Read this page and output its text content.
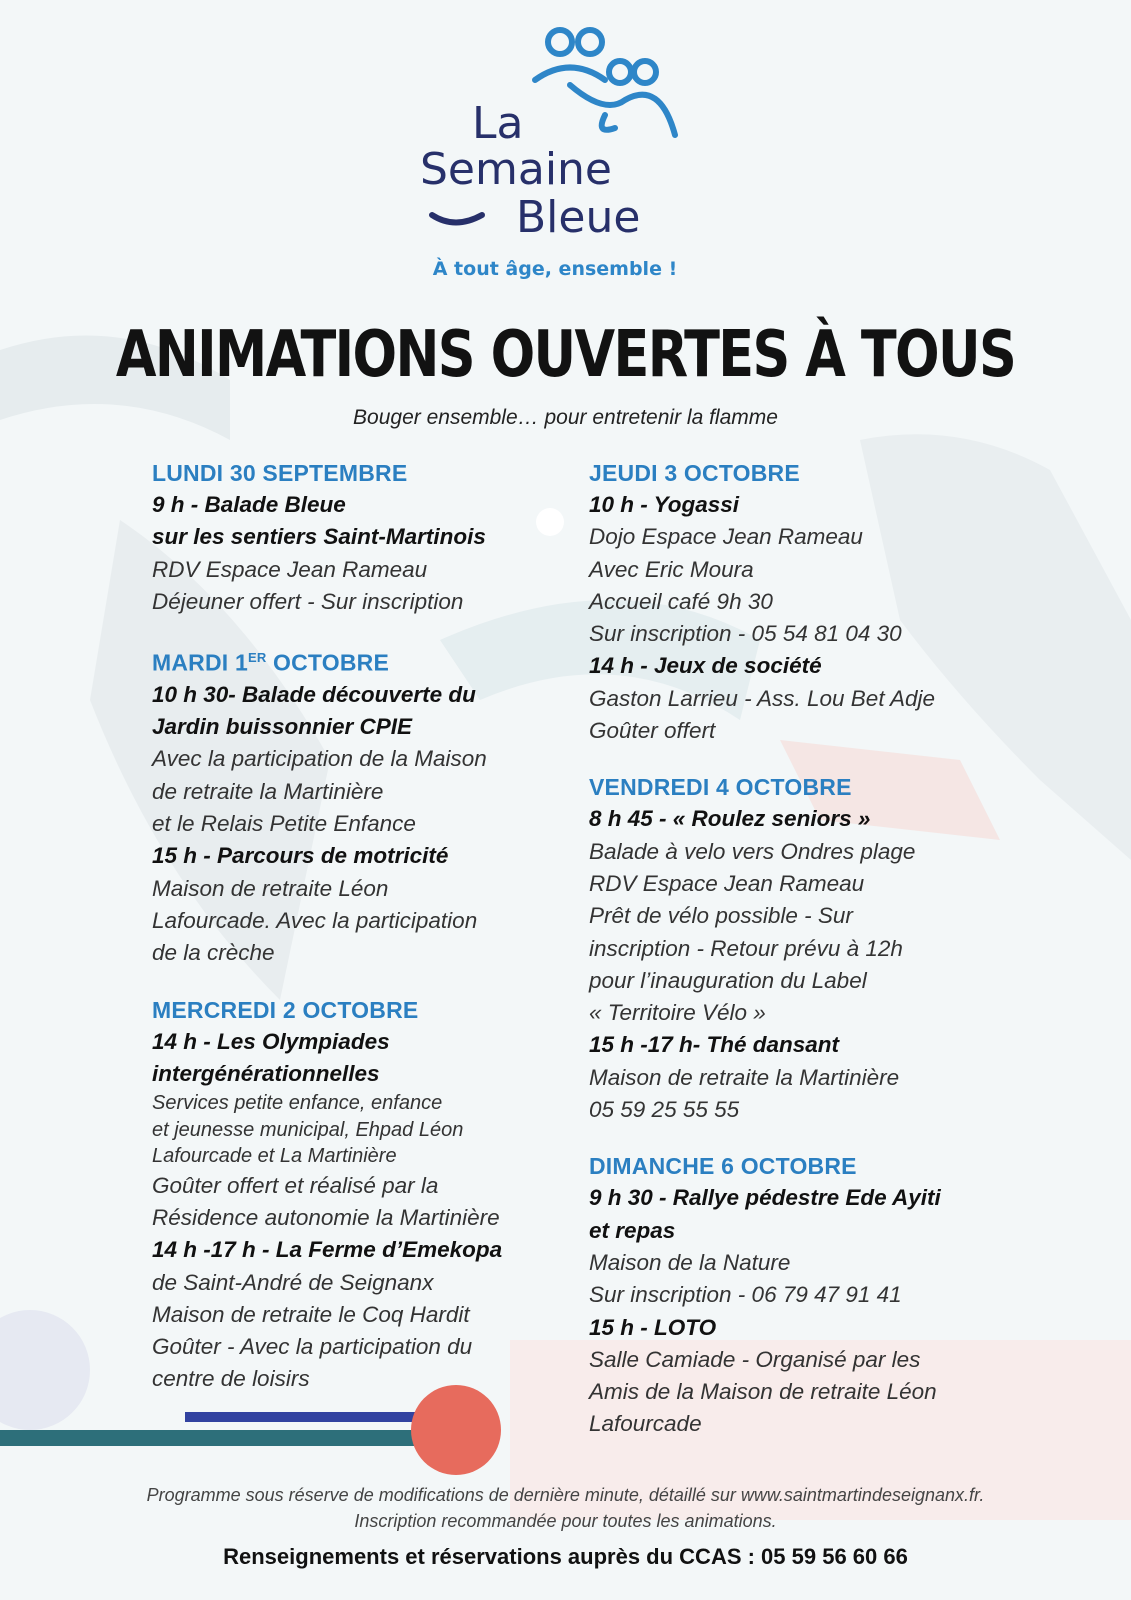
La
Semaine
Bleue
À tout âge, ensemble !
ANIMATIONS OUVERTES À TOUS
Bouger ensemble… pour entretenir la flamme
LUNDI 30 SEPTEMBRE
9 h - Balade Bleue
sur les sentiers Saint-Martinois
RDV Espace Jean Rameau
Déjeuner offert - Sur inscription
MARDI 1ER OCTOBRE
10 h 30- Balade découverte du
Jardin buissonnier CPIE
Avec la participation de la Maison
de retraite la Martinière
et le Relais Petite Enfance
15 h - Parcours de motricité
Maison de retraite Léon
Lafourcade. Avec la participation
de la crèche
MERCREDI 2 OCTOBRE
14 h - Les Olympiades
intergénérationnelles
Services petite enfance, enfance
et jeunesse municipal, Ehpad Léon
Lafourcade et La Martinière
Goûter offert et réalisé par la
Résidence autonomie la Martinière
14 h -17 h - La Ferme d’Emekopa
de Saint-André de Seignanx
Maison de retraite le Coq Hardit
Goûter - Avec la participation du
centre de loisirs
JEUDI 3 OCTOBRE
10 h - Yogassi
Dojo Espace Jean Rameau
Avec Eric Moura
Accueil café 9h 30
Sur inscription - 05 54 81 04 30
14 h - Jeux de société
Gaston Larrieu - Ass. Lou Bet Adje
Goûter offert
VENDREDI 4 OCTOBRE
8 h 45 - « Roulez seniors »
Balade à velo vers Ondres plage
RDV Espace Jean Rameau
Prêt de vélo possible - Sur
inscription - Retour prévu à 12h
pour l’inauguration du Label
« Territoire Vélo »
15 h -17 h- Thé dansant
Maison de retraite la Martinière
05 59 25 55 55
DIMANCHE 6 OCTOBRE
9 h 30 - Rallye pédestre Ede Ayiti
et repas
Maison de la Nature
Sur inscription - 06 79 47 91 41
15 h - LOTO
Salle Camiade - Organisé par les
Amis de la Maison de retraite Léon
Lafourcade
Programme sous réserve de modifications de dernière minute, détaillé sur www.saintmartindeseignanx.fr.
Inscription recommandée pour toutes les animations.
Renseignements et réservations auprès du CCAS : 05 59 56 60 66
